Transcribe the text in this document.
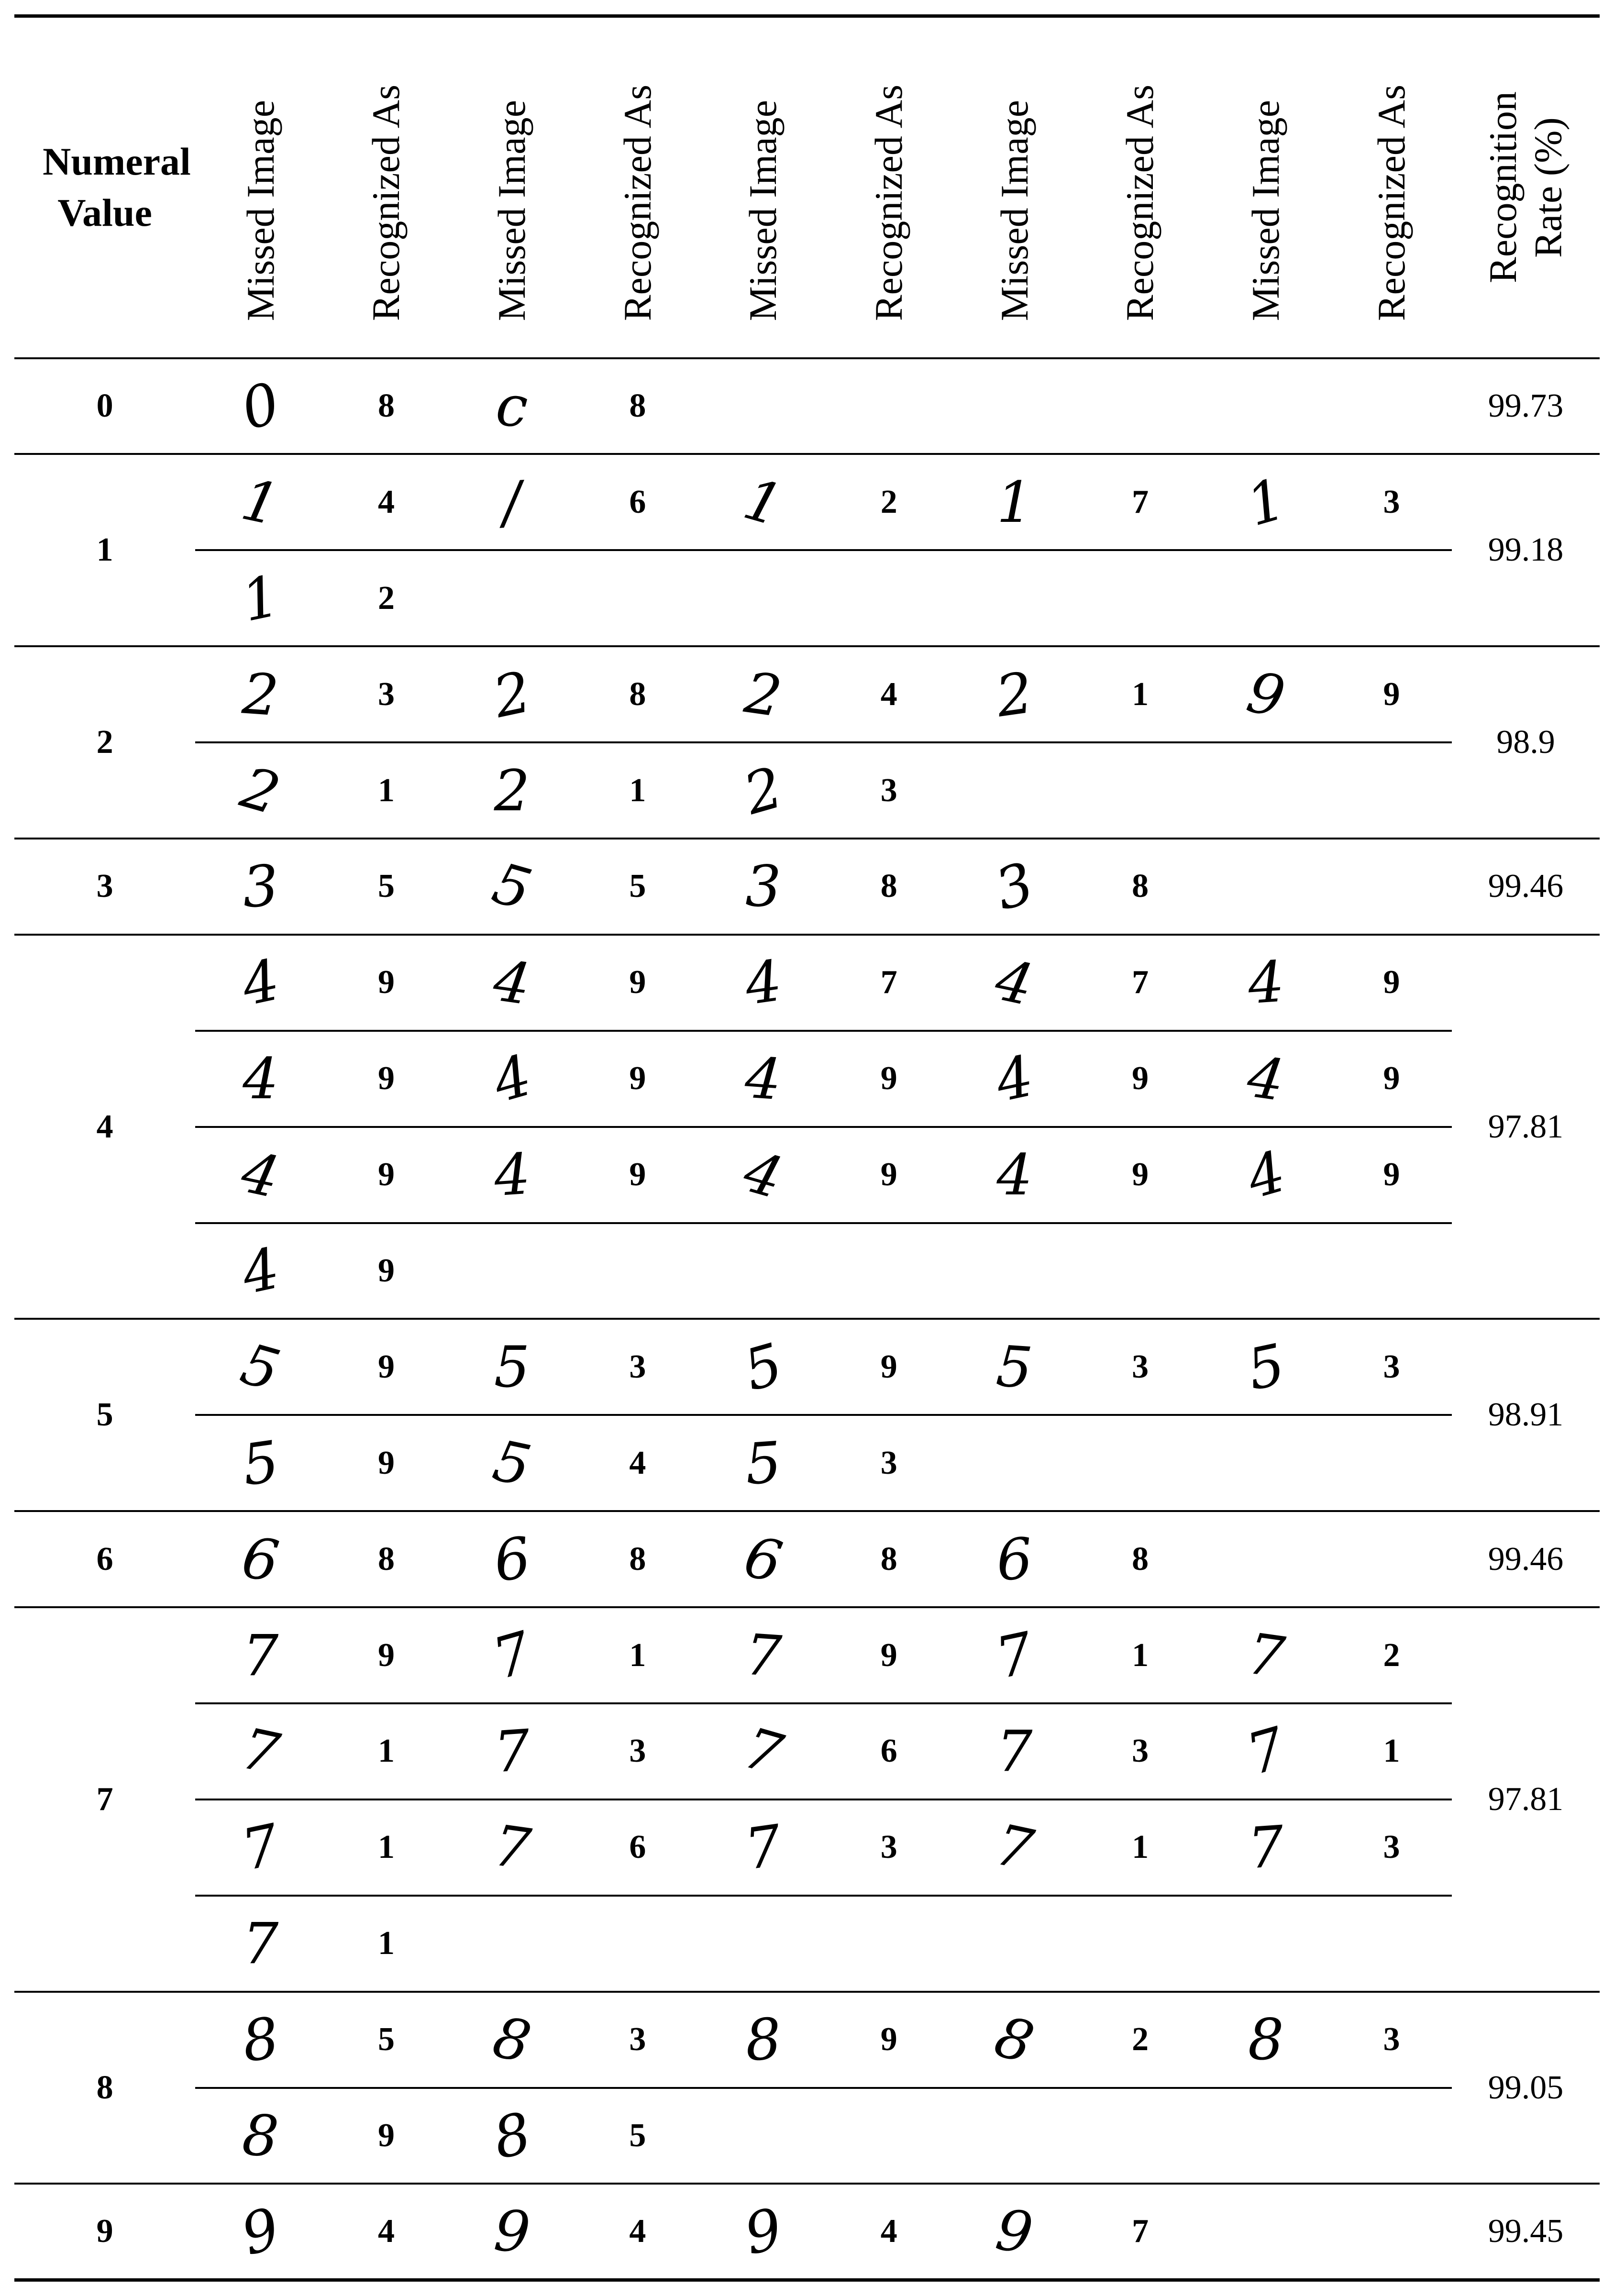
Numeral Value	Missed Image	Recognized As	Missed Image	Recognized As	Missed Image	Recognized As	Missed Image	Recognized As	Missed Image	Recognized As	Recognition Rate (%)
0	0	8	c	8							99.73
1	1	4	/	6	1	2	1	7	1	3	99.18
	1	2									
2	2	3	2	8	2	4	2	1	9	9	98.9
	2	1	2	1	2	3					
3	3	5	5	5	3	8	3	8			99.46
4	4	9	4	9	4	7	4	7	4	9	97.81
	4	9	4	9	4	9	4	9	4	9	
	4	9	4	9	4	9	4	9	4	9	
	4	9									
5	5	9	5	3	5	9	5	3	5	3	98.91
	5	9	5	4	5	3					
6	6	8	6	8	6	8	6	8			99.46
7	7	9	7	1	7	9	7	1	7	2	97.81
	7	1	7	3	7	6	7	3	7	1	
	7	1	7	6	7	3	7	1	7	3	
	7	1									
8	8	5	8	3	8	9	8	2	8	3	99.05
	8	9	8	5							
9	9	4	9	4	9	4	9	7			99.45
